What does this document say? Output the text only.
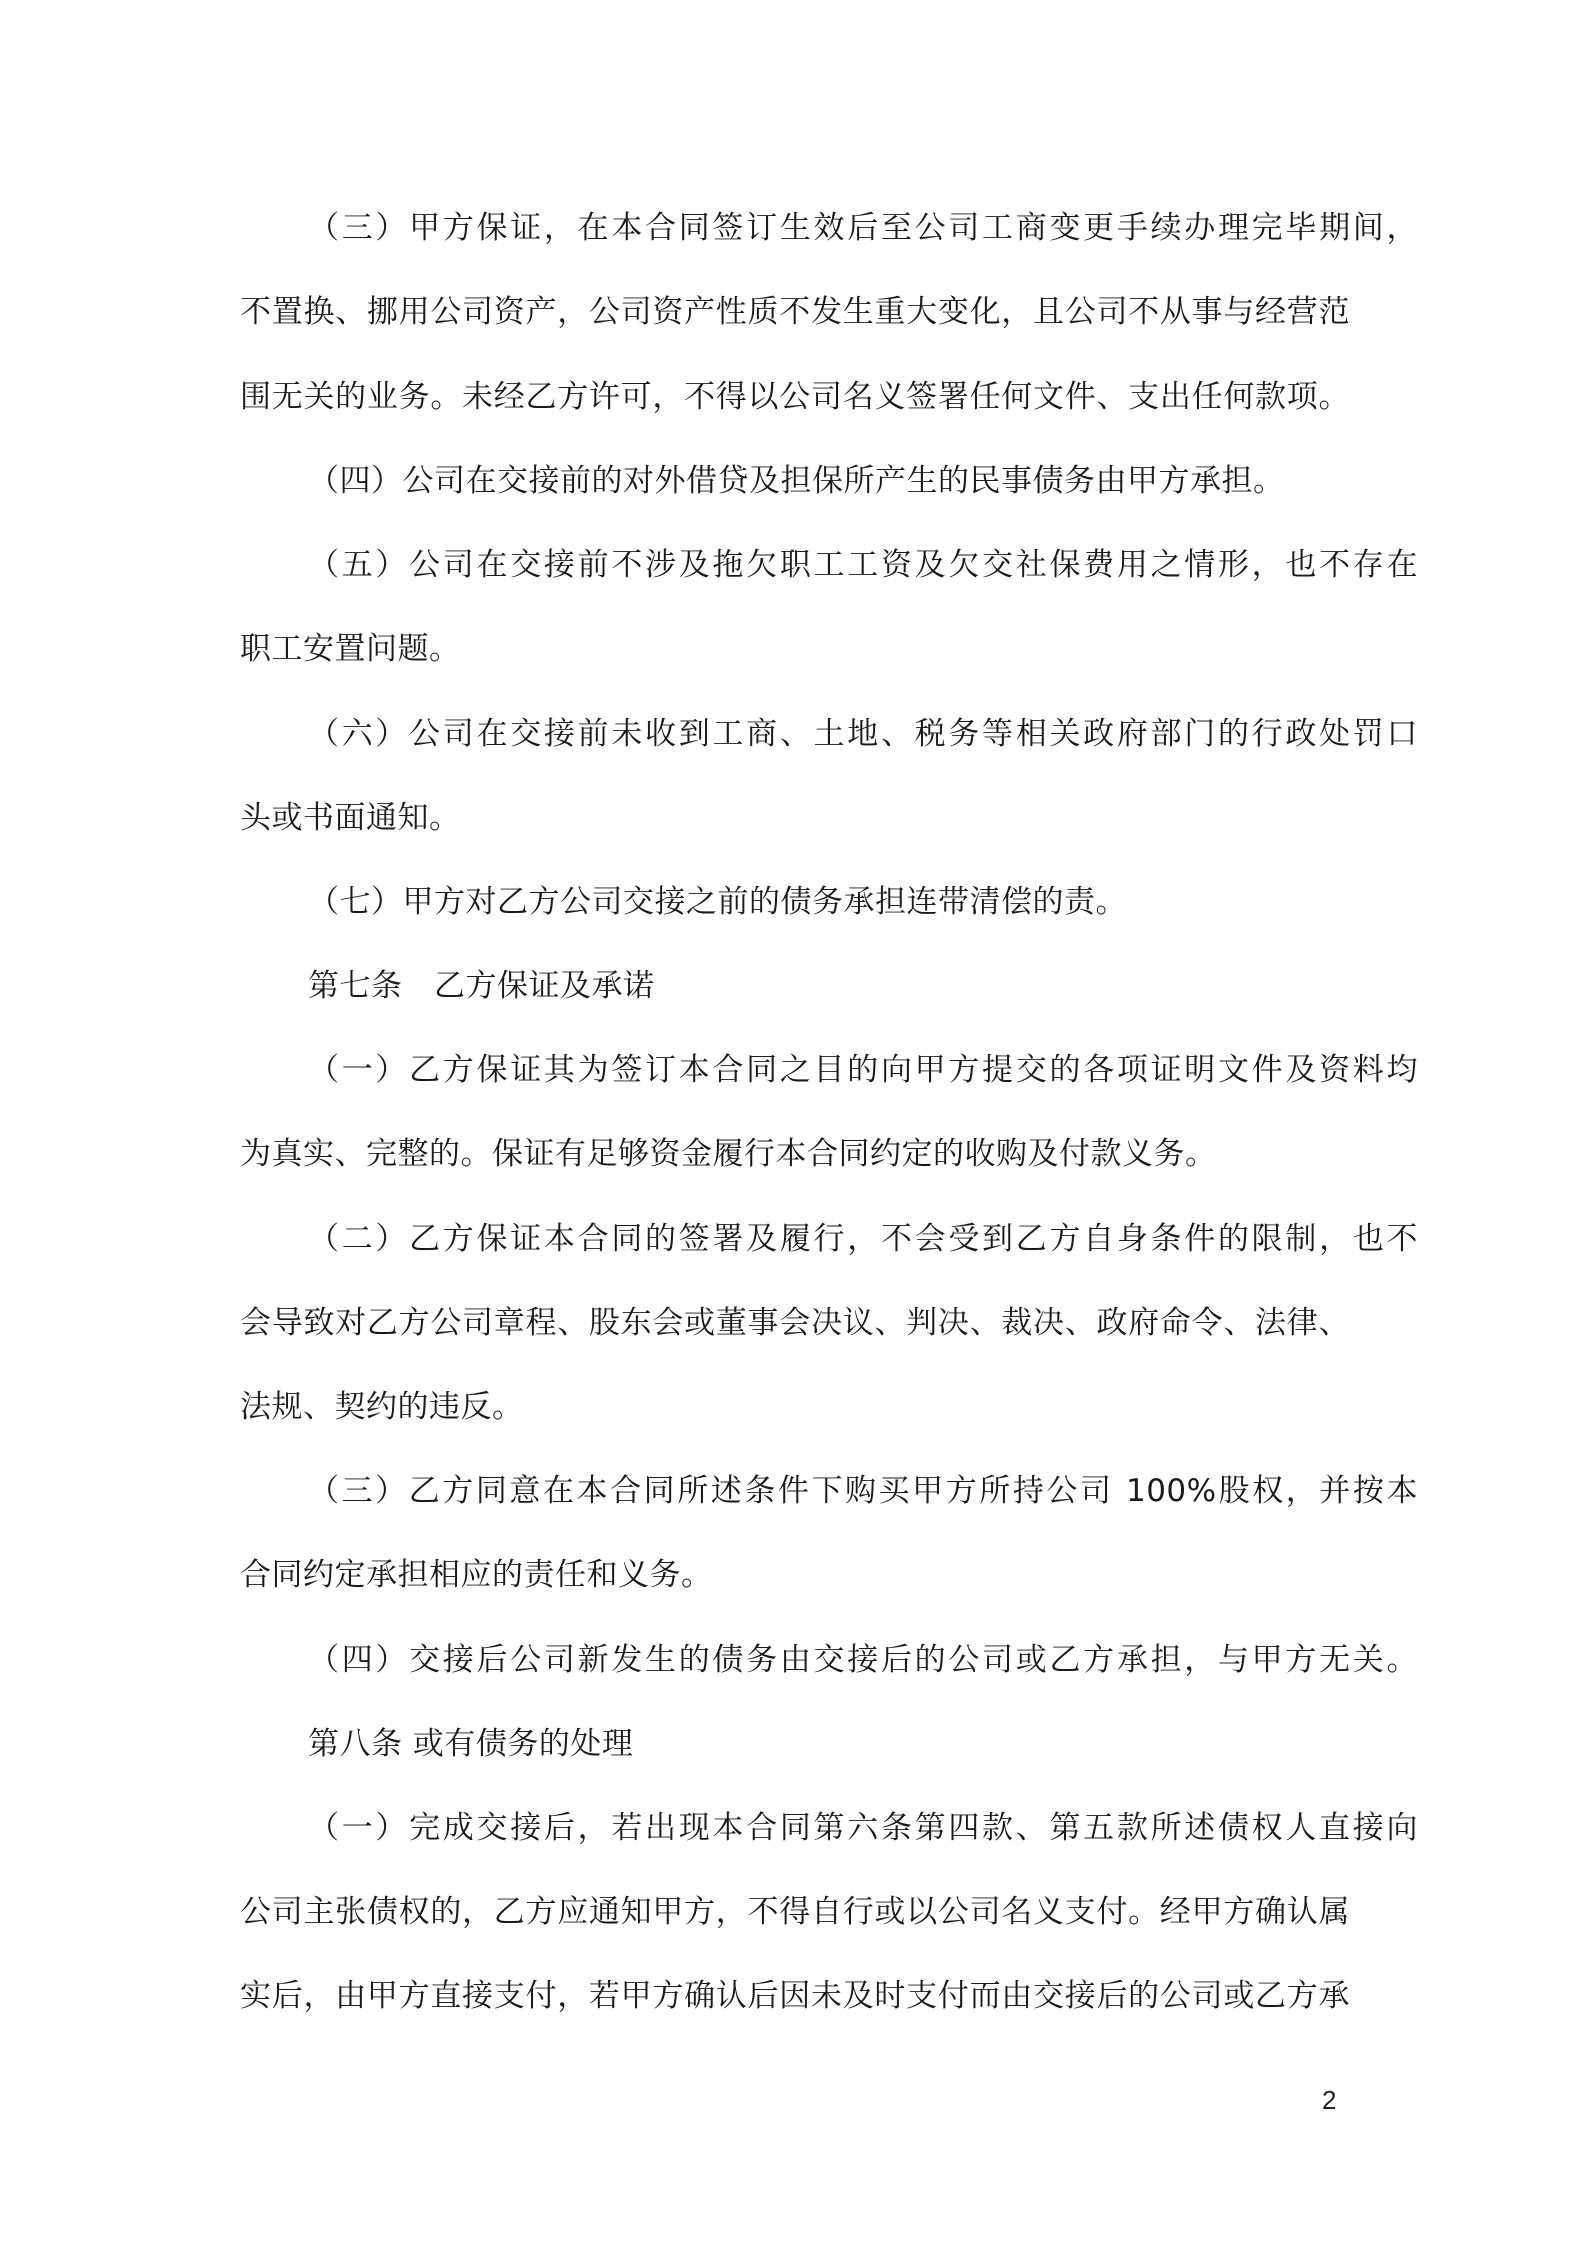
（三）甲方保证，在本合同签订生效后至公司工商变更手续办理完毕期间，
不置换、挪用公司资产，公司资产性质不发生重大变化，且公司不从事与经营范
围无关的业务。未经乙方许可，不得以公司名义签署任何文件、支出任何款项。
（四）公司在交接前的对外借贷及担保所产生的民事债务由甲方承担。
（五）公司在交接前不涉及拖欠职工工资及欠交社保费用之情形，也不存在
职工安置问题。
（六）公司在交接前未收到工商、土地、税务等相关政府部门的行政处罚口
头或书面通知。
（七）甲方对乙方公司交接之前的债务承担连带清偿的责。
第七条　乙方保证及承诺
（一）乙方保证其为签订本合同之目的向甲方提交的各项证明文件及资料均
为真实、完整的。保证有足够资金履行本合同约定的收购及付款义务。
（二）乙方保证本合同的签署及履行，不会受到乙方自身条件的限制，也不
会导致对乙方公司章程、股东会或董事会决议、判决、裁决、政府命令、法律、
法规、契约的违反。
（三）乙方同意在本合同所述条件下购买甲方所持公司 100%股权，并按本
合同约定承担相应的责任和义务。
（四）交接后公司新发生的债务由交接后的公司或乙方承担，与甲方无关。
第八条 或有债务的处理
（一）完成交接后，若出现本合同第六条第四款、第五款所述债权人直接向
公司主张债权的，乙方应通知甲方，不得自行或以公司名义支付。经甲方确认属
实后，由甲方直接支付，若甲方确认后因未及时支付而由交接后的公司或乙方承
2
